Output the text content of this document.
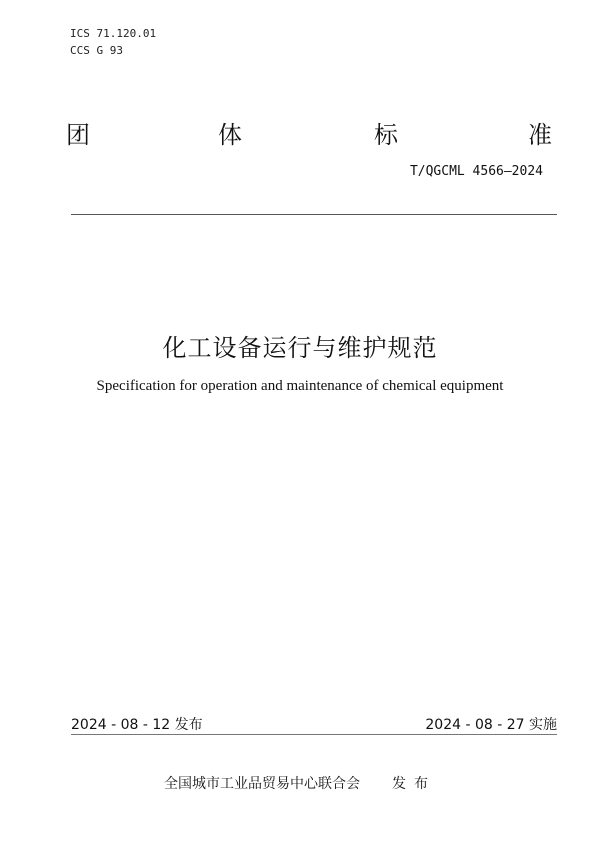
ICS 71.120.01
CCS G 93
团	体	标	准
T/QGCML 4566—2024
化工设备运行与维护规范
Specification for operation and maintenance of chemical equipment
2024 - 08 - 12 发布	2024 - 08 - 27 实施
全国城市工业品贸易中心联合会 发布
